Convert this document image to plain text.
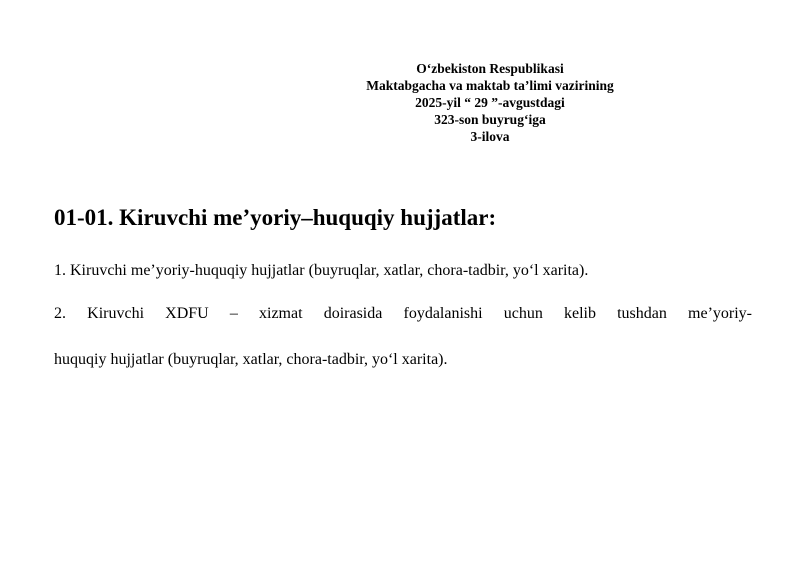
O‘zbekiston Respublikasi
Maktabgacha va maktab ta’limi vazirining
2025-yil “ 29 ”-avgustdagi
323-son buyrug‘iga
3-ilova
01-01. Kiruvchi me’yoriy–huquqiy hujjatlar:

1. Kiruvchi me’yoriy-huquqiy hujjatlar (buyruqlar, xatlar, chora-tadbir, yo‘l xarita).

2. Kiruvchi XDFU – xizmat doirasida foydalanishi uchun kelib tushdan me’yoriy-
huquqiy hujjatlar (buyruqlar, xatlar, chora-tadbir, yo‘l xarita).
